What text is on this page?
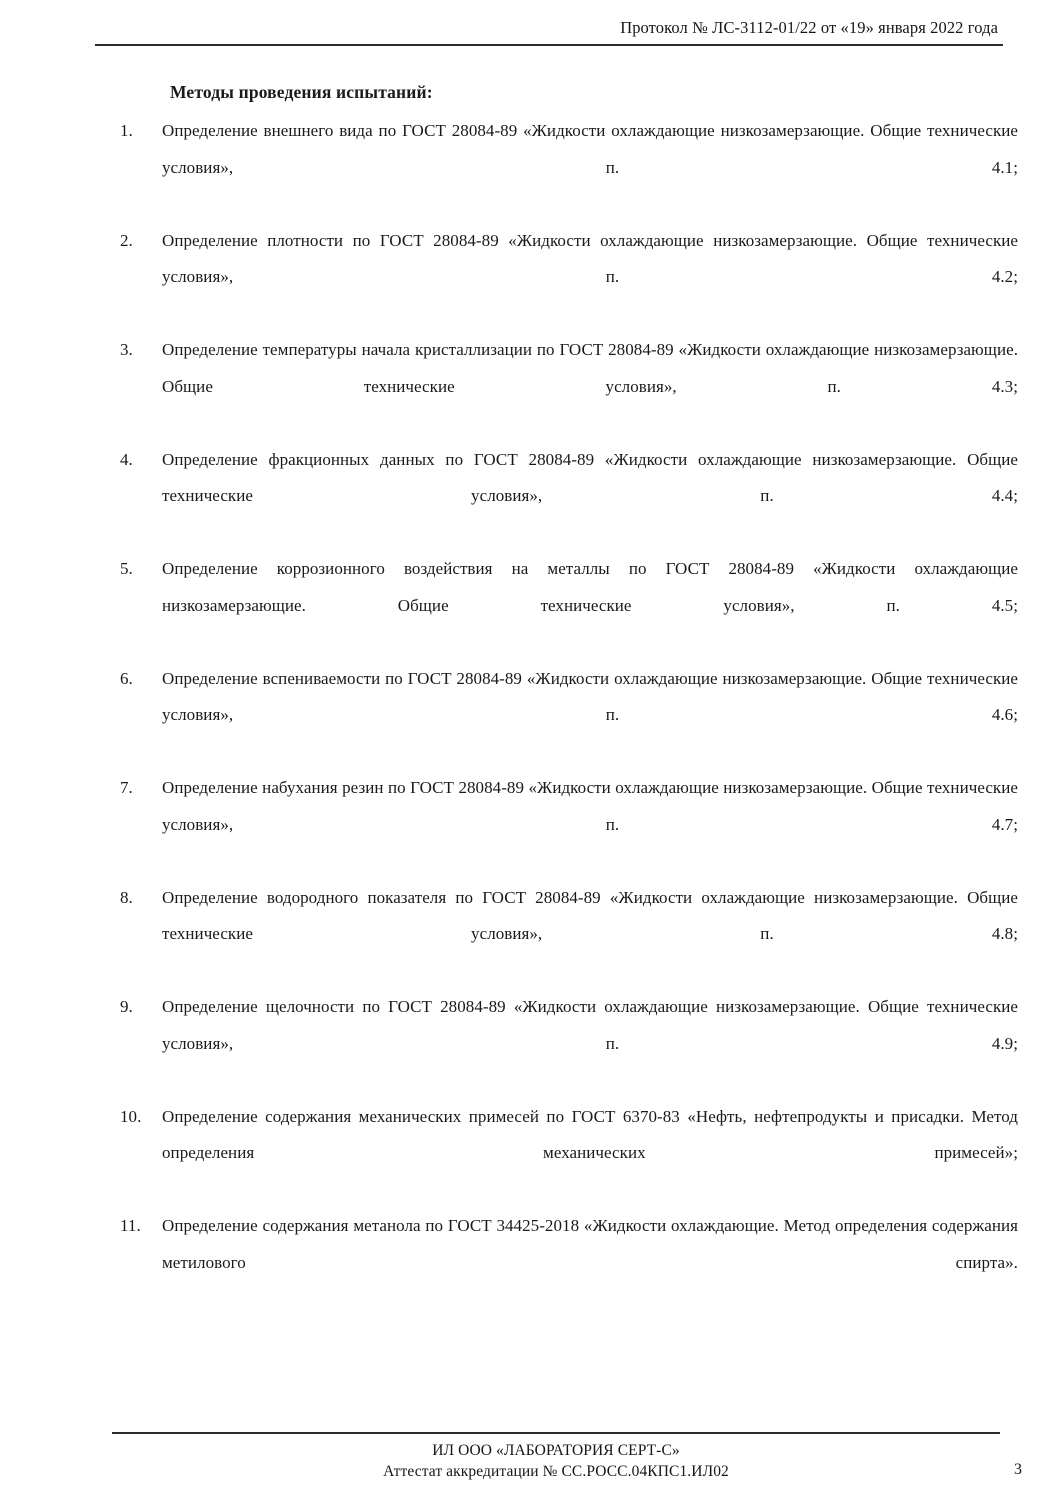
Протокол № ЛС-3112-01/22 от «19» января 2022 года

Методы проведения испытаний:

1.	Определение внешнего вида по ГОСТ 28084-89 «Жидкости охлаждающие низкозамерзающие. Общие технические условия», п. 4.1;
2.	Определение плотности по ГОСТ 28084-89 «Жидкости охлаждающие низкозамерзающие. Общие технические условия», п. 4.2;
3.	Определение температуры начала кристаллизации по ГОСТ 28084-89 «Жидкости охлаждающие низкозамерзающие. Общие технические условия», п. 4.3;
4.	Определение фракционных данных по ГОСТ 28084-89 «Жидкости охлаждающие низкозамерзающие. Общие технические условия», п. 4.4;
5.	Определение коррозионного воздействия на металлы по ГОСТ 28084-89 «Жидкости охлаждающие низкозамерзающие. Общие технические условия», п. 4.5;
6.	Определение вспениваемости по ГОСТ 28084-89 «Жидкости охлаждающие низкозамерзающие. Общие технические условия», п. 4.6;
7.	Определение набухания резин по ГОСТ 28084-89 «Жидкости охлаждающие низкозамерзающие. Общие технические условия», п. 4.7;
8.	Определение водородного показателя по ГОСТ 28084-89 «Жидкости охлаждающие низкозамерзающие. Общие технические условия», п. 4.8;
9.	Определение щелочности по ГОСТ 28084-89 «Жидкости охлаждающие низкозамерзающие. Общие технические условия», п. 4.9;
10.	Определение содержания механических примесей по ГОСТ 6370-83 «Нефть, нефтепродукты и присадки. Метод определения механических примесей»;
11.	Определение содержания метанола по ГОСТ 34425-2018 «Жидкости охлаждающие. Метод определения содержания метилового спирта».
ИЛ ООО «ЛАБОРАТОРИЯ СЕРТ-С»
Аттестат аккредитации № СС.РОСС.04КПС1.ИЛ02	3
